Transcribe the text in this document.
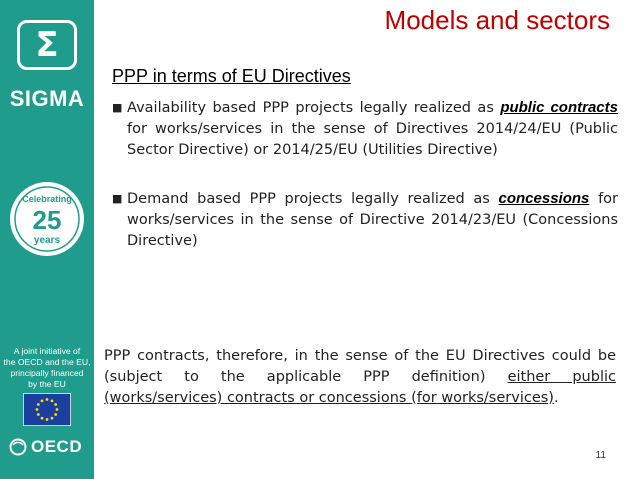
Σ
SIGMA
Celebrating
25
years
A joint initiative of
the OECD and the EU,
principally financed
by the EU
OECD
Models and sectors
PPP in terms of EU Directives
■ Availability based PPP projects legally realized as public contracts for works/services in the sense of Directives 2014/24/EU (Public Sector Directive) or 2014/25/EU (Utilities Directive)
■ Demand based PPP projects legally realized as concessions for works/services in the sense of Directive 2014/23/EU (Concessions Directive)
PPP contracts, therefore, in the sense of the EU Directives could be (subject to the applicable PPP definition) either public (works/services) contracts or concessions (for works/services).
11
